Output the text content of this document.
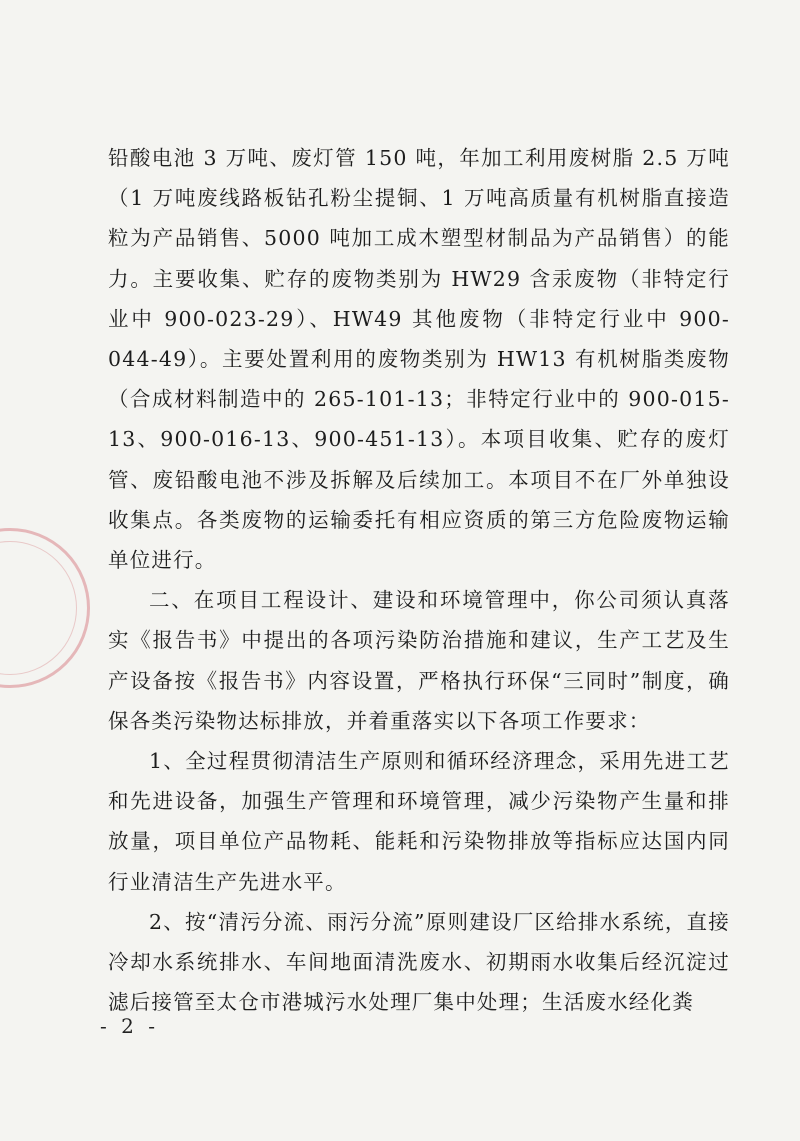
铅酸电池 3 万吨、废灯管 150 吨，年加工利用废树脂 2.5 万吨（1 万吨废线路板钻孔粉尘提铜、1 万吨高质量有机树脂直接造粒为产品销售、5000 吨加工成木塑型材制品为产品销售）的能力。主要收集、贮存的废物类别为 HW29 含汞废物（非特定行业中 900-023-29）、HW49 其他废物（非特定行业中 900-044-49）。主要处置利用的废物类别为 HW13 有机树脂类废物（合成材料制造中的 265-101-13；非特定行业中的 900-015-13、900-016-13、900-451-13）。本项目收集、贮存的废灯管、废铅酸电池不涉及拆解及后续加工。本项目不在厂外单独设收集点。各类废物的运输委托有相应资质的第三方危险废物运输单位进行。

二、在项目工程设计、建设和环境管理中，你公司须认真落实《报告书》中提出的各项污染防治措施和建议，生产工艺及生产设备按《报告书》内容设置，严格执行环保“三同时”制度，确保各类污染物达标排放，并着重落实以下各项工作要求：

1、全过程贯彻清洁生产原则和循环经济理念，采用先进工艺和先进设备，加强生产管理和环境管理，减少污染物产生量和排放量，项目单位产品物耗、能耗和污染物排放等指标应达国内同行业清洁生产先进水平。

2、按“清污分流、雨污分流”原则建设厂区给排水系统，直接冷却水系统排水、车间地面清洗废水、初期雨水收集后经沉淀过滤后接管至太仓市港城污水处理厂集中处理；生活废水经化粪

- 2 -
